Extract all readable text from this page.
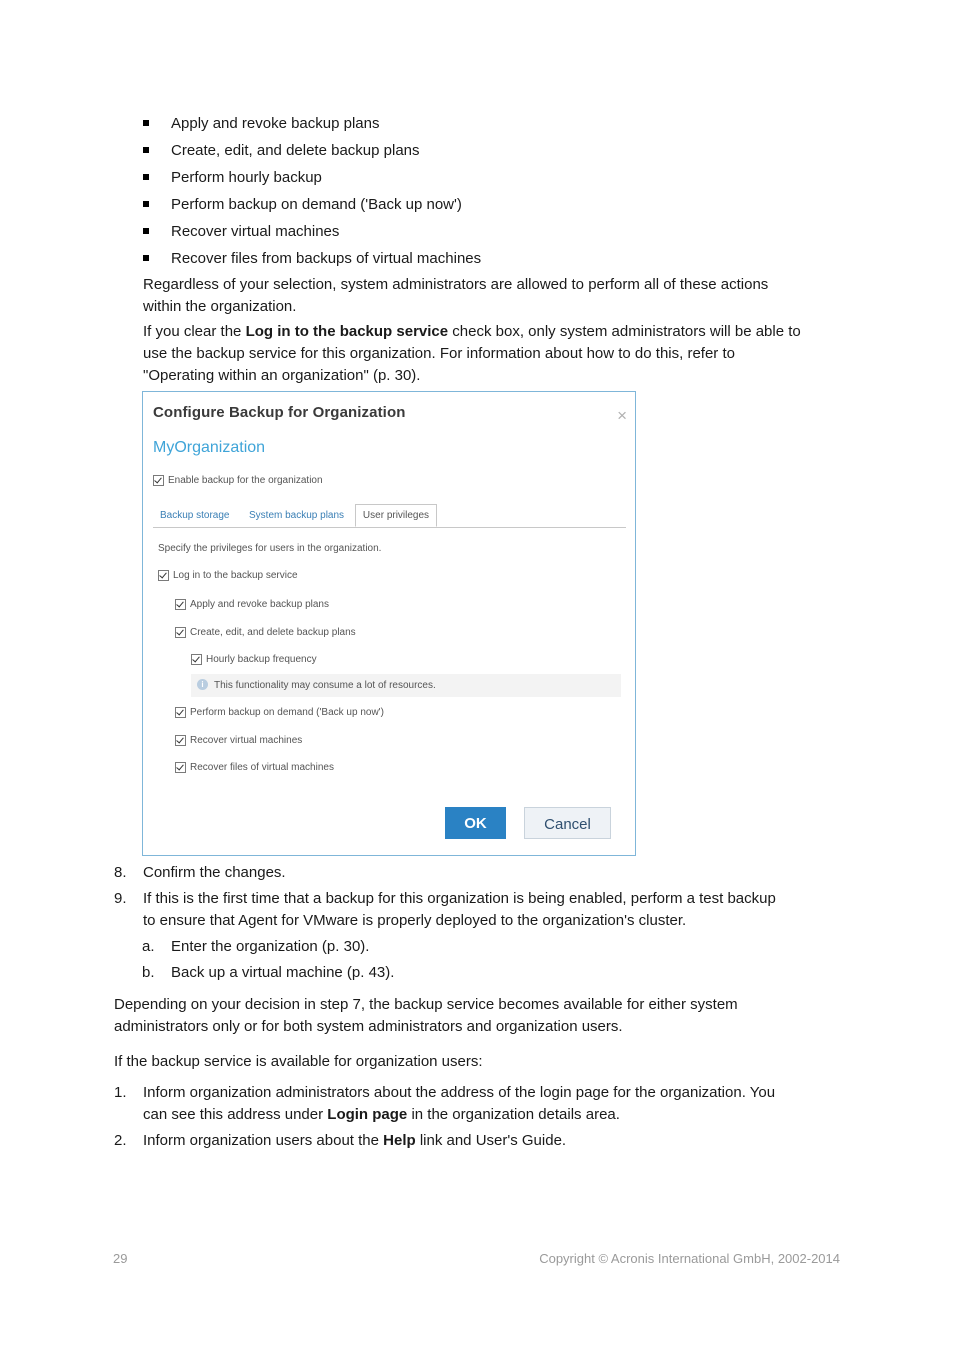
Apply and revoke backup plans
Create, edit, and delete backup plans
Perform hourly backup
Perform backup on demand ('Back up now')
Recover virtual machines
Recover files from backups of virtual machines
Regardless of your selection, system administrators are allowed to perform all of these actions
within the organization.
If you clear the Log in to the backup service check box, only system administrators will be able to
use the backup service for this organization. For information about how to do this, refer to
"Operating within an organization" (p. 30).
Configure Backup for Organization	×
MyOrganization
Enable backup for the organization
Backup storage System backup plans	User privileges
Specify the privileges for users in the organization.
Log in to the backup service
Apply and revoke backup plans
Create, edit, and delete backup plans
Hourly backup frequency
i	This functionality may consume a lot of resources.
Perform backup on demand ('Back up now')
Recover virtual machines
Recover files of virtual machines
OK	Cancel
8. Confirm the changes.
9. If this is the first time that a backup for this organization is being enabled, perform a test backup
to ensure that Agent for VMware is properly deployed to the organization's cluster.
a. Enter the organization (p. 30).
b. Back up a virtual machine (p. 43).
Depending on your decision in step 7, the backup service becomes available for either system
administrators only or for both system administrators and organization users.
If the backup service is available for organization users:
1. Inform organization administrators about the address of the login page for the organization. You
can see this address under Login page in the organization details area.
2. Inform organization users about the Help link and User's Guide.
29	Copyright © Acronis International GmbH, 2002-2014
